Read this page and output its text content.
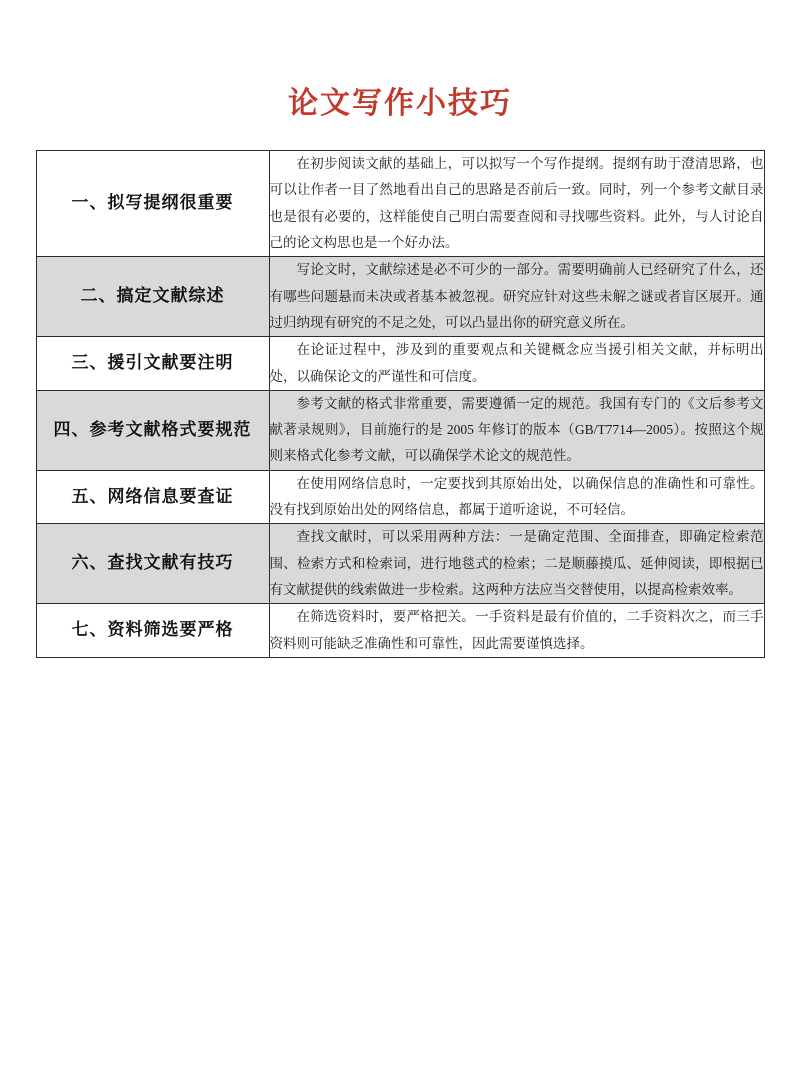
论文写作小技巧
一、拟写提纲很重要	在初步阅读文献的基础上，可以拟写一个写作提纲。提纲有助于澄清思路，也可以让作者一目了然地看出自己的思路是否前后一致。同时，列一个参考文献目录也是很有必要的，这样能使自己明白需要查阅和寻找哪些资料。此外，与人讨论自己的论文构思也是一个好办法。

二、搞定文献综述	写论文时，文献综述是必不可少的一部分。需要明确前人已经研究了什么，还有哪些问题悬而未决或者基本被忽视。研究应针对这些未解之谜或者盲区展开。通过归纳现有研究的不足之处，可以凸显出你的研究意义所在。

三、援引文献要注明	在论证过程中，涉及到的重要观点和关键概念应当援引相关文献，并标明出处，以确保论文的严谨性和可信度。

四、参考文献格式要规范	参考文献的格式非常重要，需要遵循一定的规范。我国有专门的《文后参考文献著录规则》，目前施行的是 2005 年修订的版本（GB/T7714—2005）。按照这个规则来格式化参考文献，可以确保学术论文的规范性。

五、网络信息要查证	在使用网络信息时，一定要找到其原始出处，以确保信息的准确性和可靠性。没有找到原始出处的网络信息，都属于道听途说，不可轻信。

六、查找文献有技巧	查找文献时，可以采用两种方法：一是确定范围、全面排查，即确定检索范围、检索方式和检索词，进行地毯式的检索；二是顺藤摸瓜、延伸阅读，即根据已有文献提供的线索做进一步检索。这两种方法应当交替使用，以提高检索效率。

七、资料筛选要严格	在筛选资料时，要严格把关。一手资料是最有价值的，二手资料次之，而三手资料则可能缺乏准确性和可靠性，因此需要谨慎选择。
